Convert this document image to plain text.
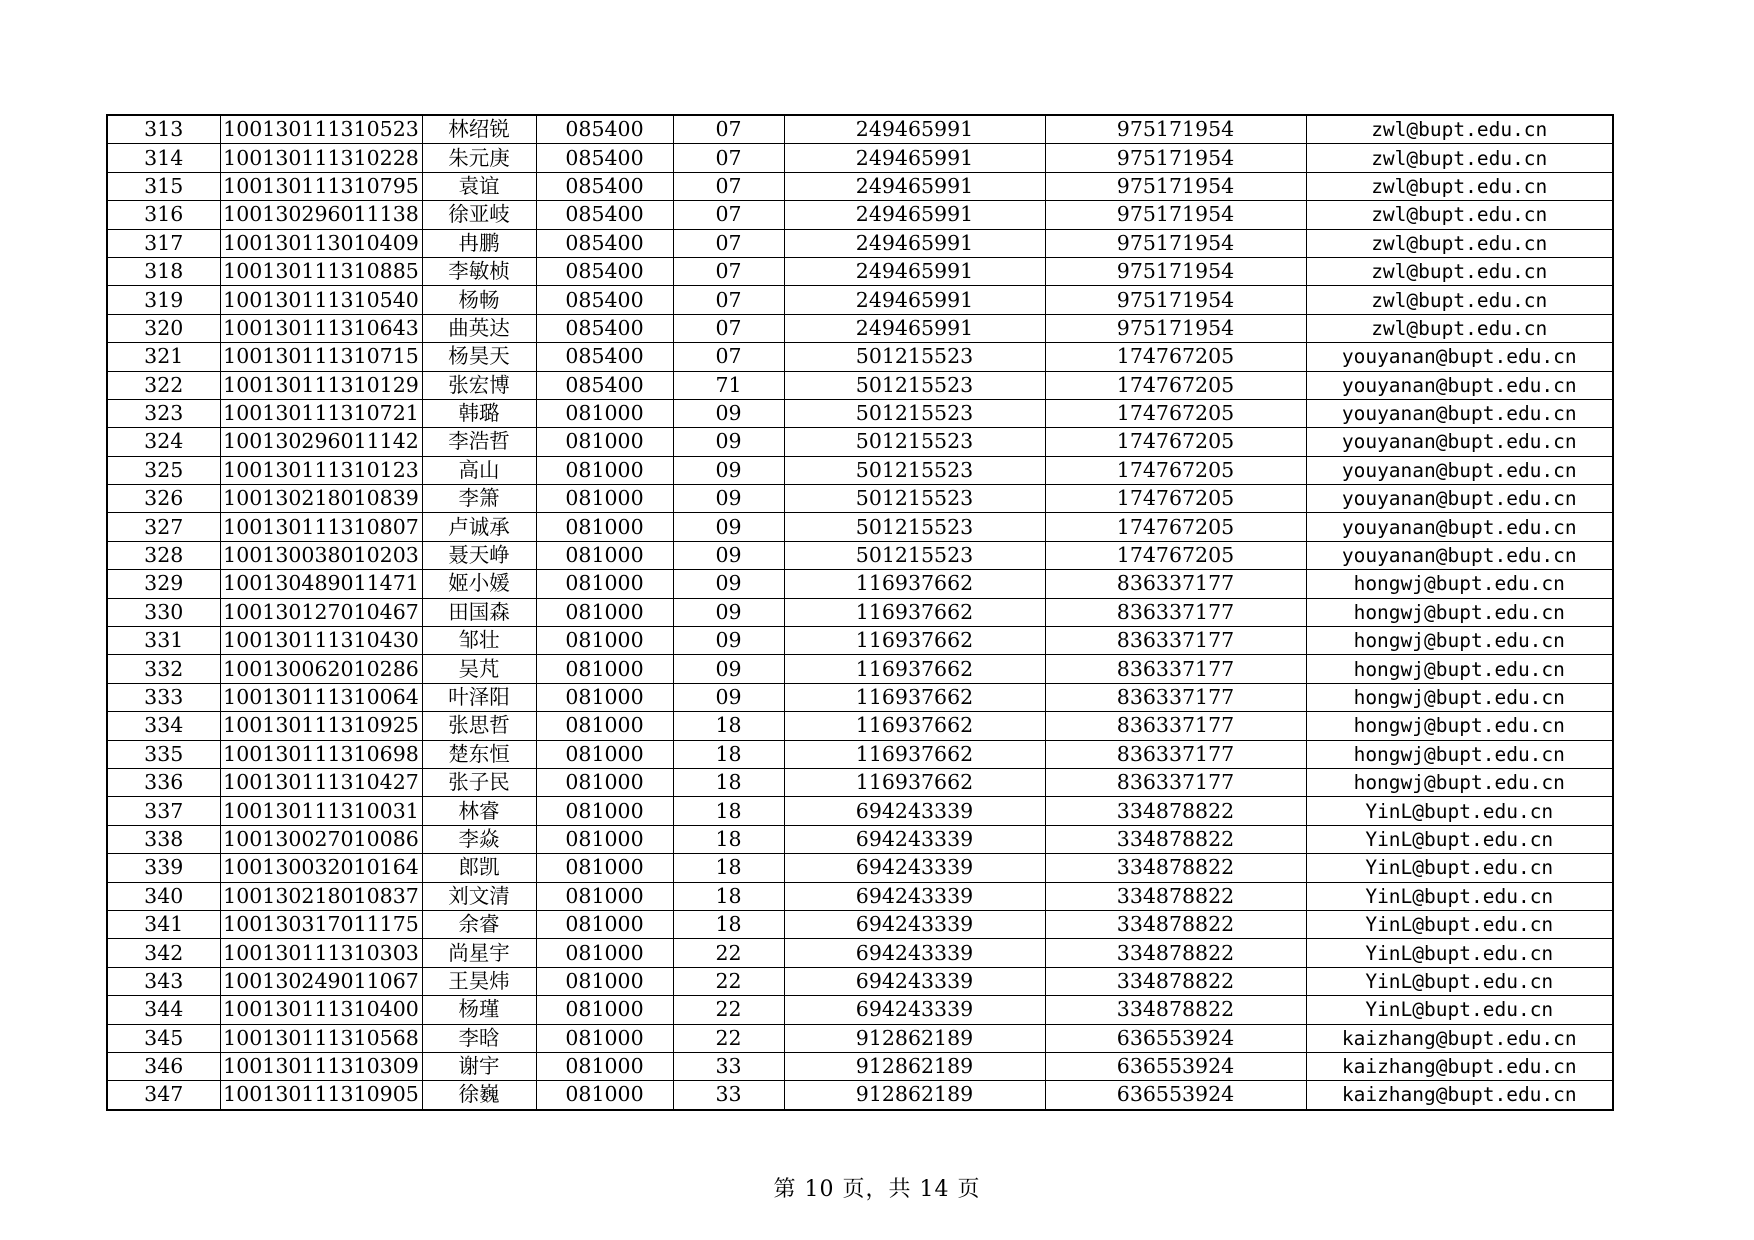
313	100130111310523	林绍锐	085400	07	249465991	975171954	zwl@bupt.edu.cn
314	100130111310228	朱元庚	085400	07	249465991	975171954	zwl@bupt.edu.cn
315	100130111310795	袁谊	085400	07	249465991	975171954	zwl@bupt.edu.cn
316	100130296011138	徐亚岐	085400	07	249465991	975171954	zwl@bupt.edu.cn
317	100130113010409	冉鹏	085400	07	249465991	975171954	zwl@bupt.edu.cn
318	100130111310885	李敏桢	085400	07	249465991	975171954	zwl@bupt.edu.cn
319	100130111310540	杨畅	085400	07	249465991	975171954	zwl@bupt.edu.cn
320	100130111310643	曲英达	085400	07	249465991	975171954	zwl@bupt.edu.cn
321	100130111310715	杨昊天	085400	07	501215523	174767205	youyanan@bupt.edu.cn
322	100130111310129	张宏博	085400	71	501215523	174767205	youyanan@bupt.edu.cn
323	100130111310721	韩璐	081000	09	501215523	174767205	youyanan@bupt.edu.cn
324	100130296011142	李浩哲	081000	09	501215523	174767205	youyanan@bupt.edu.cn
325	100130111310123	高山	081000	09	501215523	174767205	youyanan@bupt.edu.cn
326	100130218010839	李箫	081000	09	501215523	174767205	youyanan@bupt.edu.cn
327	100130111310807	卢诚承	081000	09	501215523	174767205	youyanan@bupt.edu.cn
328	100130038010203	聂天峥	081000	09	501215523	174767205	youyanan@bupt.edu.cn
329	100130489011471	姬小媛	081000	09	116937662	836337177	hongwj@bupt.edu.cn
330	100130127010467	田国森	081000	09	116937662	836337177	hongwj@bupt.edu.cn
331	100130111310430	邹壮	081000	09	116937662	836337177	hongwj@bupt.edu.cn
332	100130062010286	吴芃	081000	09	116937662	836337177	hongwj@bupt.edu.cn
333	100130111310064	叶泽阳	081000	09	116937662	836337177	hongwj@bupt.edu.cn
334	100130111310925	张思哲	081000	18	116937662	836337177	hongwj@bupt.edu.cn
335	100130111310698	楚东恒	081000	18	116937662	836337177	hongwj@bupt.edu.cn
336	100130111310427	张子民	081000	18	116937662	836337177	hongwj@bupt.edu.cn
337	100130111310031	林睿	081000	18	694243339	334878822	YinL@bupt.edu.cn
338	100130027010086	李焱	081000	18	694243339	334878822	YinL@bupt.edu.cn
339	100130032010164	郎凯	081000	18	694243339	334878822	YinL@bupt.edu.cn
340	100130218010837	刘文清	081000	18	694243339	334878822	YinL@bupt.edu.cn
341	100130317011175	余睿	081000	18	694243339	334878822	YinL@bupt.edu.cn
342	100130111310303	尚星宇	081000	22	694243339	334878822	YinL@bupt.edu.cn
343	100130249011067	王昊炜	081000	22	694243339	334878822	YinL@bupt.edu.cn
344	100130111310400	杨瑾	081000	22	694243339	334878822	YinL@bupt.edu.cn
345	100130111310568	李晗	081000	22	912862189	636553924	kaizhang@bupt.edu.cn
346	100130111310309	谢宇	081000	33	912862189	636553924	kaizhang@bupt.edu.cn
347	100130111310905	徐巍	081000	33	912862189	636553924	kaizhang@bupt.edu.cn
第 10 页，共 14 页
